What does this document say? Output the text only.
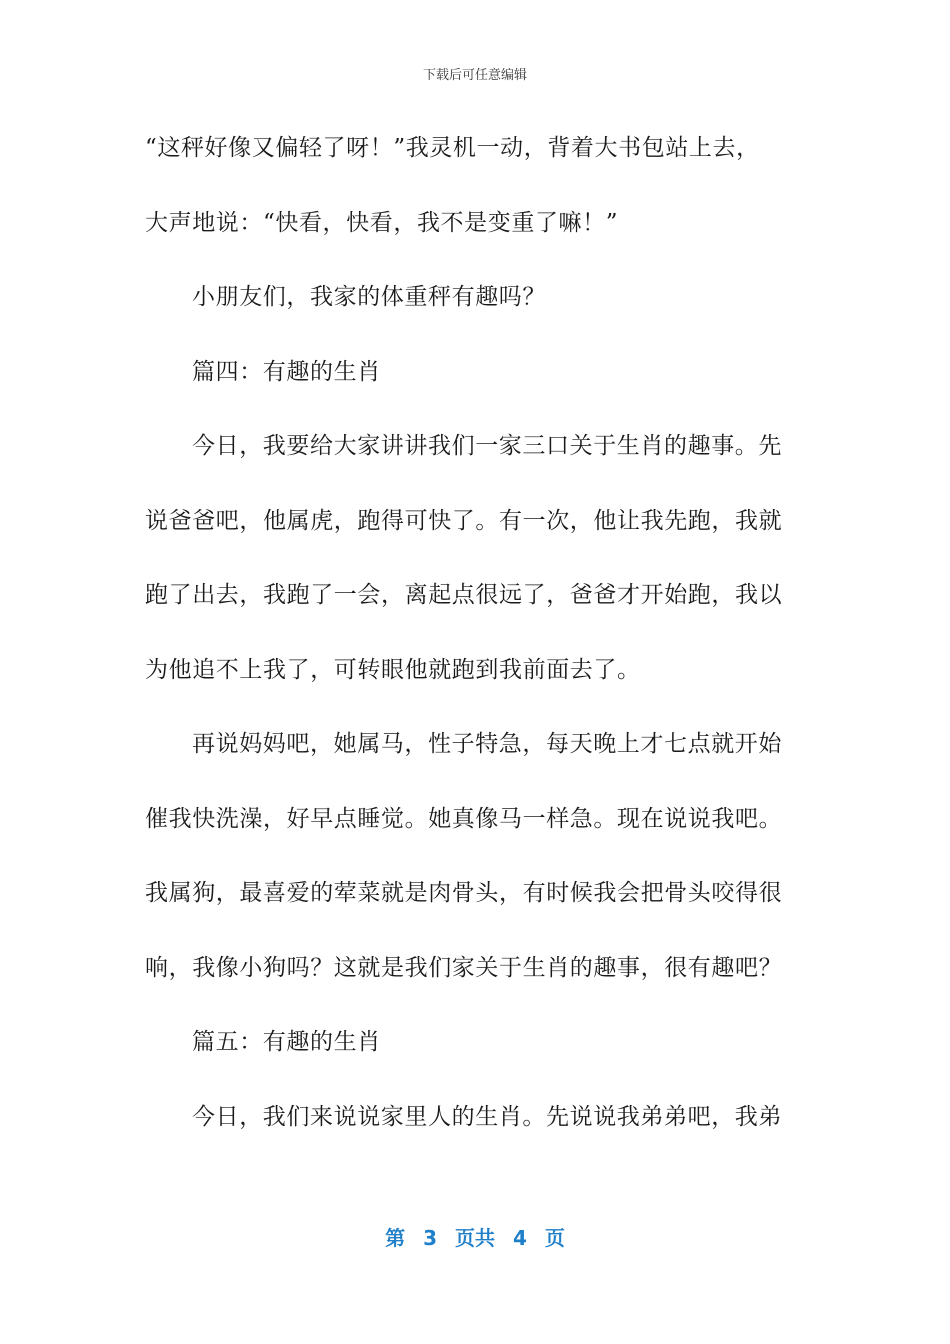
下载后可任意编辑
“这秤好像又偏轻了呀！”我灵机一动，背着大书包站上去，
大声地说：“快看，快看，我不是变重了嘛！”
小朋友们，我家的体重秤有趣吗？
篇四：有趣的生肖
今日，我要给大家讲讲我们一家三口关于生肖的趣事。先
说爸爸吧，他属虎，跑得可快了。有一次，他让我先跑，我就
跑了出去，我跑了一会，离起点很远了，爸爸才开始跑，我以
为他追不上我了，可转眼他就跑到我前面去了。
再说妈妈吧，她属马，性子特急，每天晚上才七点就开始
催我快洗澡，好早点睡觉。她真像马一样急。现在说说我吧。
我属狗，最喜爱的荤菜就是肉骨头，有时候我会把骨头咬得很
响，我像小狗吗？这就是我们家关于生肖的趣事，很有趣吧？
篇五：有趣的生肖
今日，我们来说说家里人的生肖。先说说我弟弟吧，我弟
第 3 页共 4 页
